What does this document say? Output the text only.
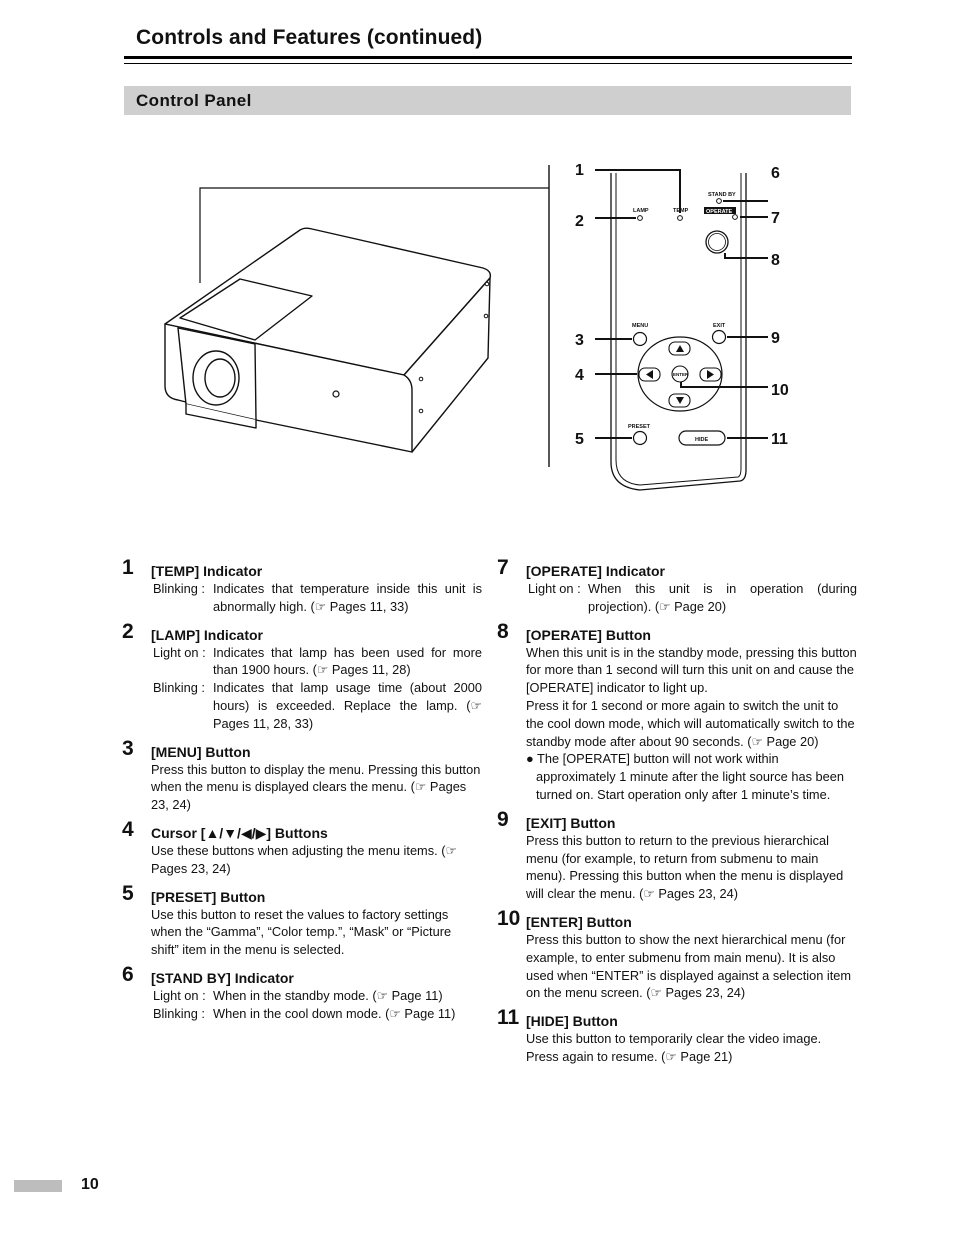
Controls and Features (continued)
Control Panel
LAMP	TEMP
STAND BY
OPERATE
MENU	EXIT
ENTER
PRESET
HIDE
1
2
3
4
5
6
7
8
9
10
11
1 [TEMP] Indicator
Blinking :	Indicates that temperature inside this unit is abnormally high. (☞ Pages 11, 33)
2 [LAMP] Indicator
Light on :	Indicates that lamp has been used for more than 1900 hours. (☞ Pages 11, 28)
Blinking :	Indicates that lamp usage time (about 2000 hours) is exceeded. Replace the lamp. (☞ Pages 11, 28, 33)
3 [MENU] Button

Press this button to display the menu. Pressing this button when the menu is displayed clears the menu. (☞ Pages 23, 24)

4 Cursor [▲/▼/◀/▶] Buttons

Use these buttons when adjusting the menu items. (☞ Pages 23, 24)

5 [PRESET] Button

Use this button to reset the values to factory settings when the “Gamma”, “Color temp.”, “Mask” or “Picture shift” item in the menu is selected.

6 [STAND BY] Indicator
Light on :	When in the standby mode. (☞ Page 11)
Blinking :	When in the cool down mode. (☞ Page 11)
7 [OPERATE] Indicator
Light on :	When this unit is in operation (during projection). (☞ Page 20)
8 [OPERATE] Button

When this unit is in the standby mode, pressing this button for more than 1 second will turn this unit on and cause the [OPERATE] indicator to light up.

Press it for 1 second or more again to switch the unit to the cool down mode, which will automatically switch to the standby mode after about 90 seconds. (☞ Page 20)

● The [OPERATE] button will not work within approximately 1 minute after the light source has been turned on. Start operation only after 1 minute’s time.

9 [EXIT] Button

Press this button to return to the previous hierarchical menu (for example, to return from submenu to main menu). Pressing this button when the menu is displayed will clear the menu. (☞ Pages 23, 24)

10 [ENTER] Button

Press this button to show the next hierarchical menu (for example, to enter submenu from main menu). It is also used when “ENTER” is displayed against a selection item on the menu screen. (☞ Pages 23, 24)

11 [HIDE] Button

Use this button to temporarily clear the video image. Press again to resume. (☞ Page 21)

10
